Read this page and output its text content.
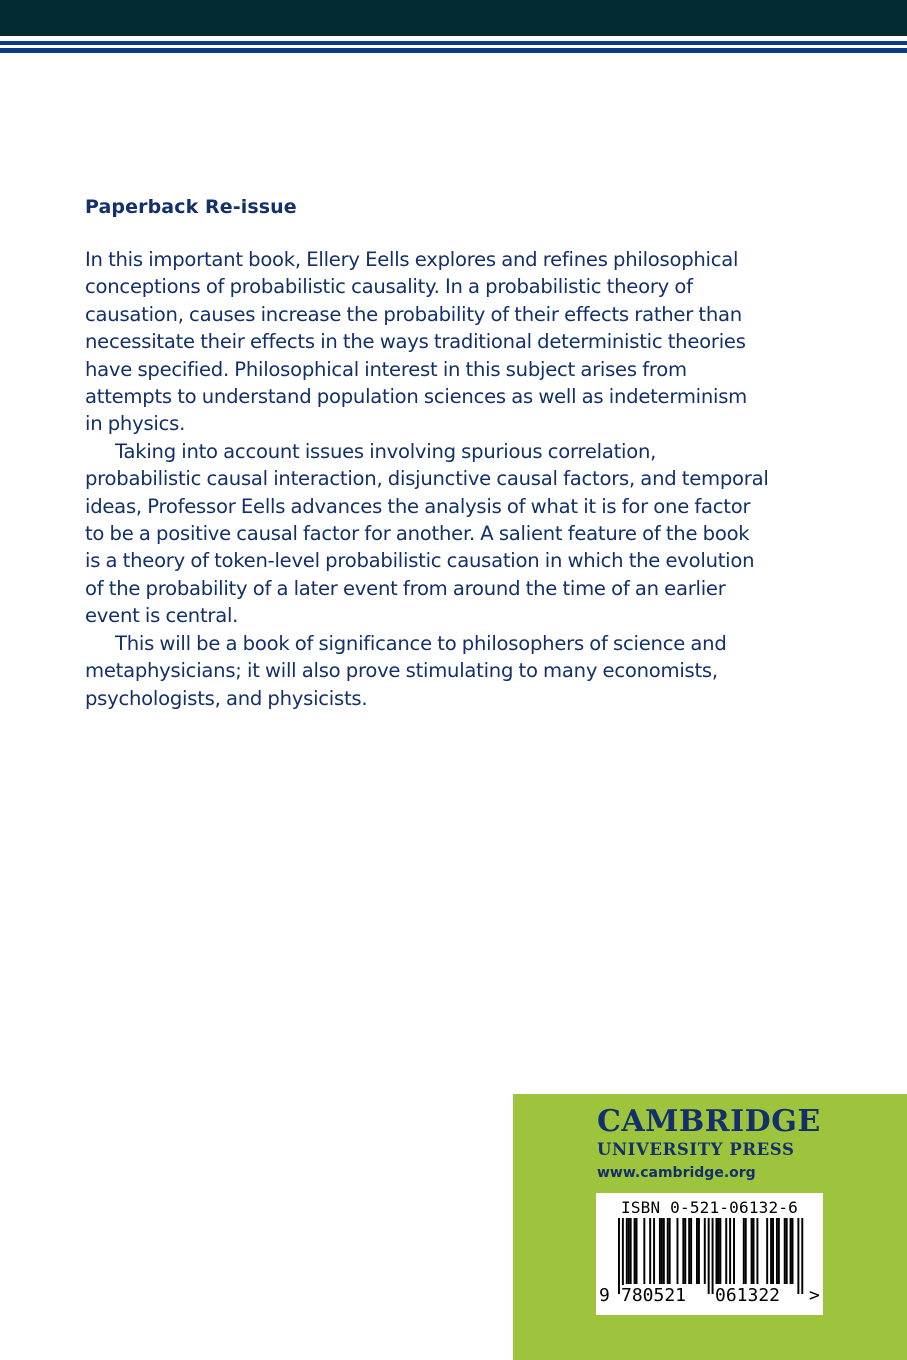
Paperback Re-issue

In this important book, Ellery Eells explores and refines philosophical
conceptions of probabilistic causality. In a probabilistic theory of
causation, causes increase the probability of their effects rather than
necessitate their effects in the ways traditional deterministic theories
have specified. Philosophical interest in this subject arises from
attempts to understand population sciences as well as indeterminism
in physics.

Taking into account issues involving spurious correlation,
probabilistic causal interaction, disjunctive causal factors, and temporal
ideas, Professor Eells advances the analysis of what it is for one factor
to be a positive causal factor for another. A salient feature of the book
is a theory of token-level probabilistic causation in which the evolution
of the probability of a later event from around the time of an earlier
event is central.

This will be a book of significance to philosophers of science and
metaphysicians; it will also prove stimulating to many economists,
psychologists, and physicists.

CAMBRIDGE
UNIVERSITY PRESS
www.cambridge.org
ISBN 0-521-06132-6
9 780521 061322 >
